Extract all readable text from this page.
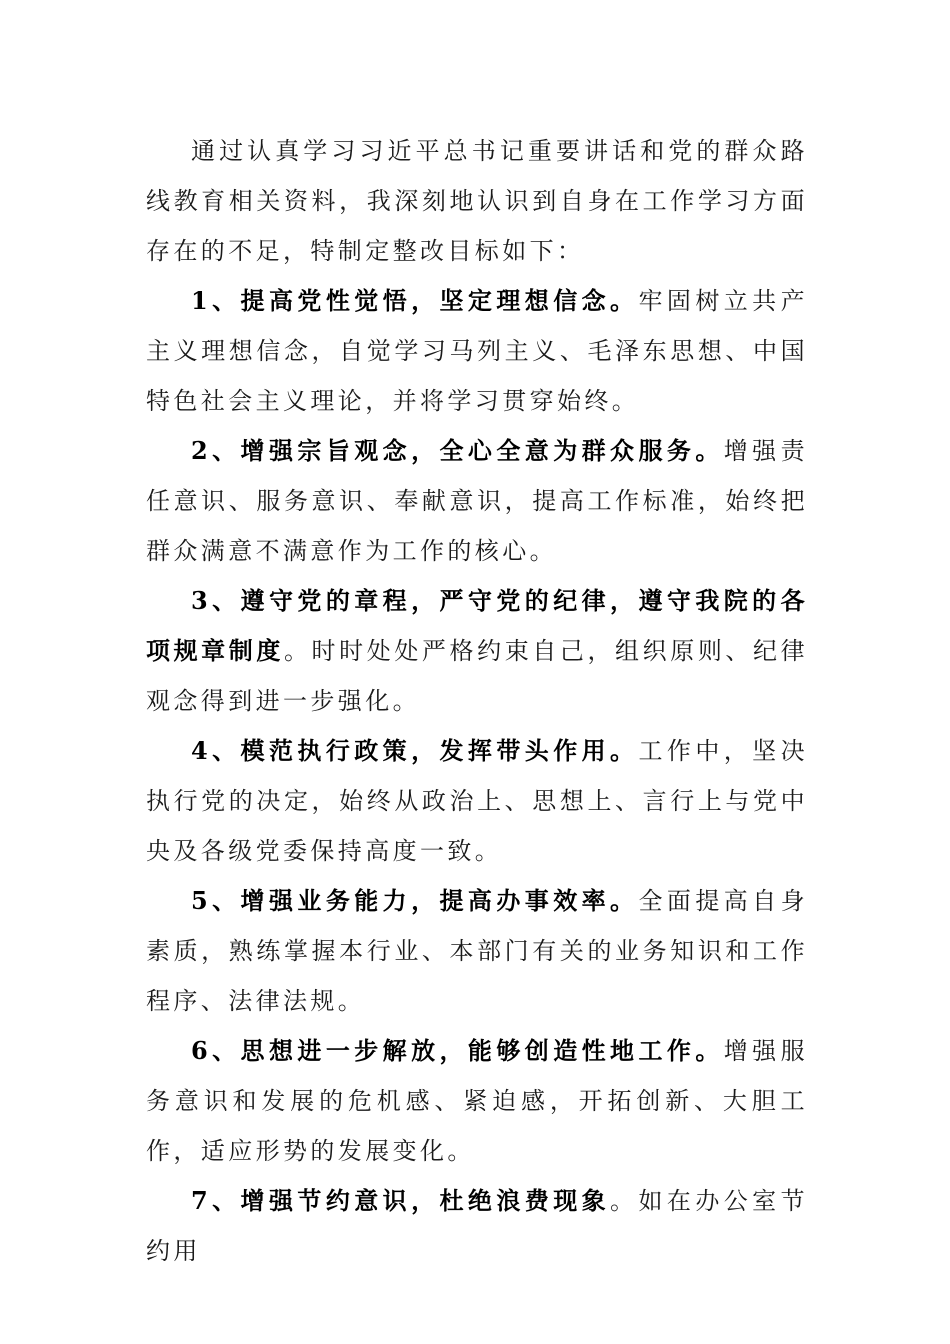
通过认真学习习近平总书记重要讲话和党的群众路线教育相关资料，我深刻地认识到自身在工作学习方面存在的不足，特制定整改目标如下：

1、提高党性觉悟，坚定理想信念。牢固树立共产主义理想信念，自觉学习马列主义、毛泽东思想、中国特色社会主义理论，并将学习贯穿始终。

2、增强宗旨观念，全心全意为群众服务。增强责任意识、服务意识、奉献意识，提高工作标准，始终把群众满意不满意作为工作的核心。

3、遵守党的章程，严守党的纪律，遵守我院的各项规章制度。时时处处严格约束自己，组织原则、纪律观念得到进一步强化。

4、模范执行政策，发挥带头作用。工作中，坚决执行党的决定，始终从政治上、思想上、言行上与党中央及各级党委保持高度一致。

5、增强业务能力，提高办事效率。全面提高自身素质，熟练掌握本行业、本部门有关的业务知识和工作程序、法律法规。

6、思想进一步解放，能够创造性地工作。增强服务意识和发展的危机感、紧迫感，开拓创新、大胆工作，适应形势的发展变化。

7、增强节约意识，杜绝浪费现象。如在办公室节约用
